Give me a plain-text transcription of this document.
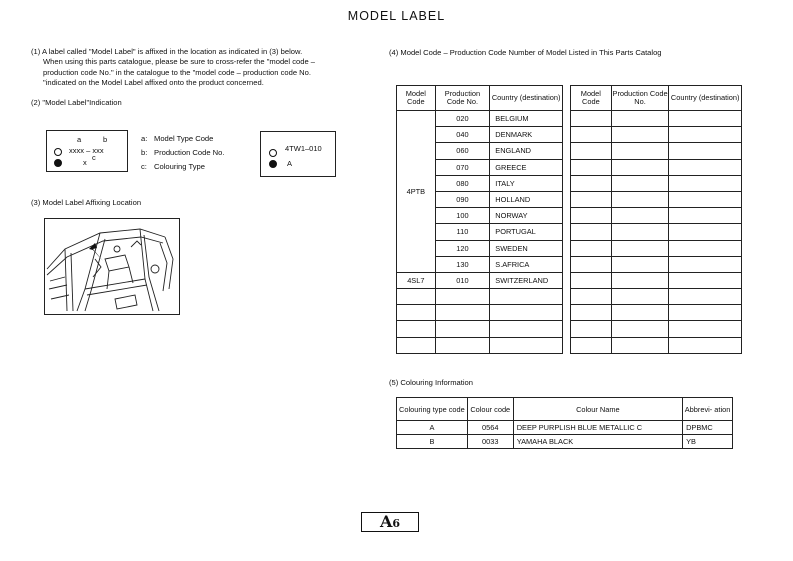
MODEL LABEL
(1) A label called "Model Label" is affixed in the location as indicated in (3) below.
When using this parts catalogue, please be sure to cross-refer the "model code –
production code No." in the catalogue to the "model code – production code No.
"indicated on the Model Label affixed onto the product concerned.
(2) "Model Label"Indication
a	b
xxxx – xxx
x
c
a: Model Type Code
b: Production Code No.
c: Colouring Type
4TW1–010
A
(3) Model Label Affixing Location
(4) Model Code – Production Code Number of Model Listed in This Parts Catalog
Model Code	Production Code No.	Country (destination)
4PTB	020	BELGIUM
	040	DENMARK
	060	ENGLAND
	070	GREECE
	080	ITALY
	090	HOLLAND
	100	NORWAY
	110	PORTUGAL
	120	SWEDEN
	130	S.AFRICA
4SL7	010	SWITZERLAND

Model Code	Production Code No.	Country (destination)

(5) Colouring Information
Colouring type code	Colour code	Colour Name	Abbrevi- ation
A	0564	DEEP PURPLISH BLUE METALLIC C	DPBMC
B	0033	YAMAHA BLACK	YB
A6
